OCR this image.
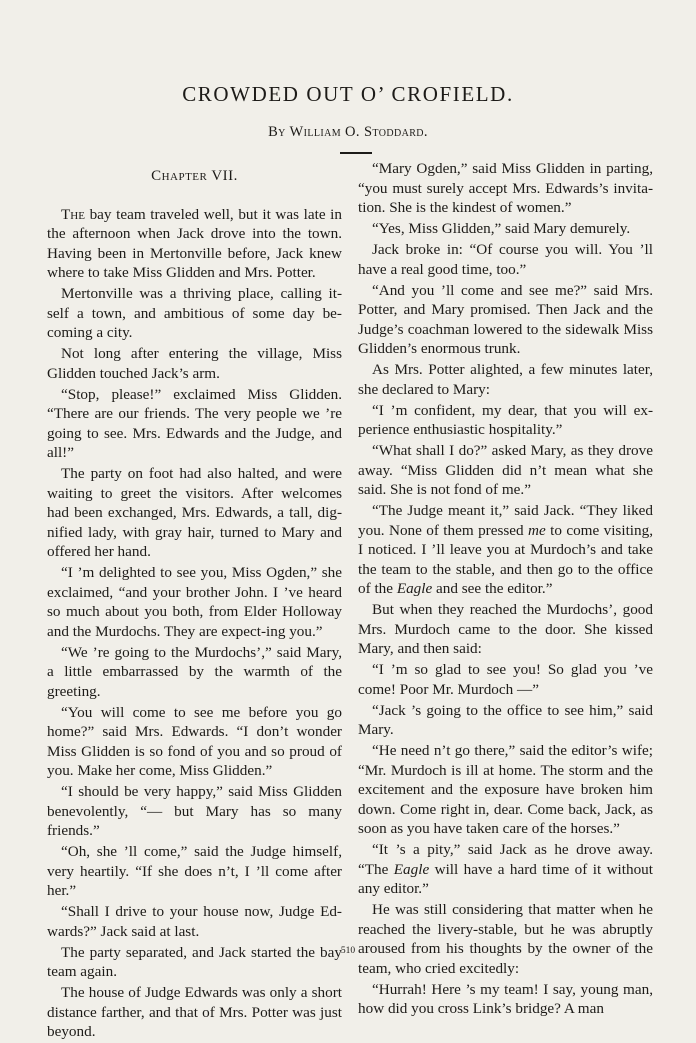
CROWDED OUT O’ CROFIELD.
By William O. Stoddard.
Chapter VII.

The bay team traveled well, but it was late in the afternoon when Jack drove into the town. Having been in Mertonville before, Jack knew where to take Miss Glidden and Mrs. Potter.

Mertonville was a thriving place, calling it-self a town, and ambitious of some day be-coming a city.

Not long after entering the village, Miss Glidden touched Jack’s arm.

“Stop, please!” exclaimed Miss Glidden. “There are our friends. The very people we ’re going to see. Mrs. Edwards and the Judge, and all!”

The party on foot had also halted, and were waiting to greet the visitors. After welcomes had been exchanged, Mrs. Edwards, a tall, dig-nified lady, with gray hair, turned to Mary and offered her hand.

“I ’m delighted to see you, Miss Ogden,” she exclaimed, “and your brother John. I ’ve heard so much about you both, from Elder Holloway and the Murdochs. They are expect-ing you.”

“We ’re going to the Murdochs’,” said Mary, a little embarrassed by the warmth of the greeting.

“You will come to see me before you go home?” said Mrs. Edwards. “I don’t wonder Miss Glidden is so fond of you and so proud of you. Make her come, Miss Glidden.”

“I should be very happy,” said Miss Glidden benevolently, “— but Mary has so many friends.”

“Oh, she ’ll come,” said the Judge himself, very heartily. “If she does n’t, I ’ll come after her.”

“Shall I drive to your house now, Judge Ed-wards?” Jack said at last.

The party separated, and Jack started the bay team again.

The house of Judge Edwards was only a short distance farther, and that of Mrs. Potter was just beyond.

“Mary Ogden,” said Miss Glidden in parting, “you must surely accept Mrs. Edwards’s invita-tion. She is the kindest of women.”

“Yes, Miss Glidden,” said Mary demurely.

Jack broke in: “Of course you will. You ’ll have a real good time, too.”

“And you ’ll come and see me?” said Mrs. Potter, and Mary promised. Then Jack and the Judge’s coachman lowered to the sidewalk Miss Glidden’s enormous trunk.

As Mrs. Potter alighted, a few minutes later, she declared to Mary:

“I ’m confident, my dear, that you will ex-perience enthusiastic hospitality.”

“What shall I do?” asked Mary, as they drove away. “Miss Glidden did n’t mean what she said. She is not fond of me.”

“The Judge meant it,” said Jack. “They liked you. None of them pressed me to come visiting, I noticed. I ’ll leave you at Murdoch’s and take the team to the stable, and then go to the office of the Eagle and see the editor.”

But when they reached the Murdochs’, good Mrs. Murdoch came to the door. She kissed Mary, and then said:

“I ’m so glad to see you! So glad you ’ve come! Poor Mr. Murdoch —”

“Jack ’s going to the office to see him,” said Mary.

“He need n’t go there,” said the editor’s wife; “Mr. Murdoch is ill at home. The storm and the excitement and the exposure have broken him down. Come right in, dear. Come back, Jack, as soon as you have taken care of the horses.”

“It ’s a pity,” said Jack as he drove away. “The Eagle will have a hard time of it without any editor.”

He was still considering that matter when he reached the livery-stable, but he was abruptly aroused from his thoughts by the owner of the team, who cried excitedly:

“Hurrah! Here ’s my team! I say, young man, how did you cross Link’s bridge? A man

510
